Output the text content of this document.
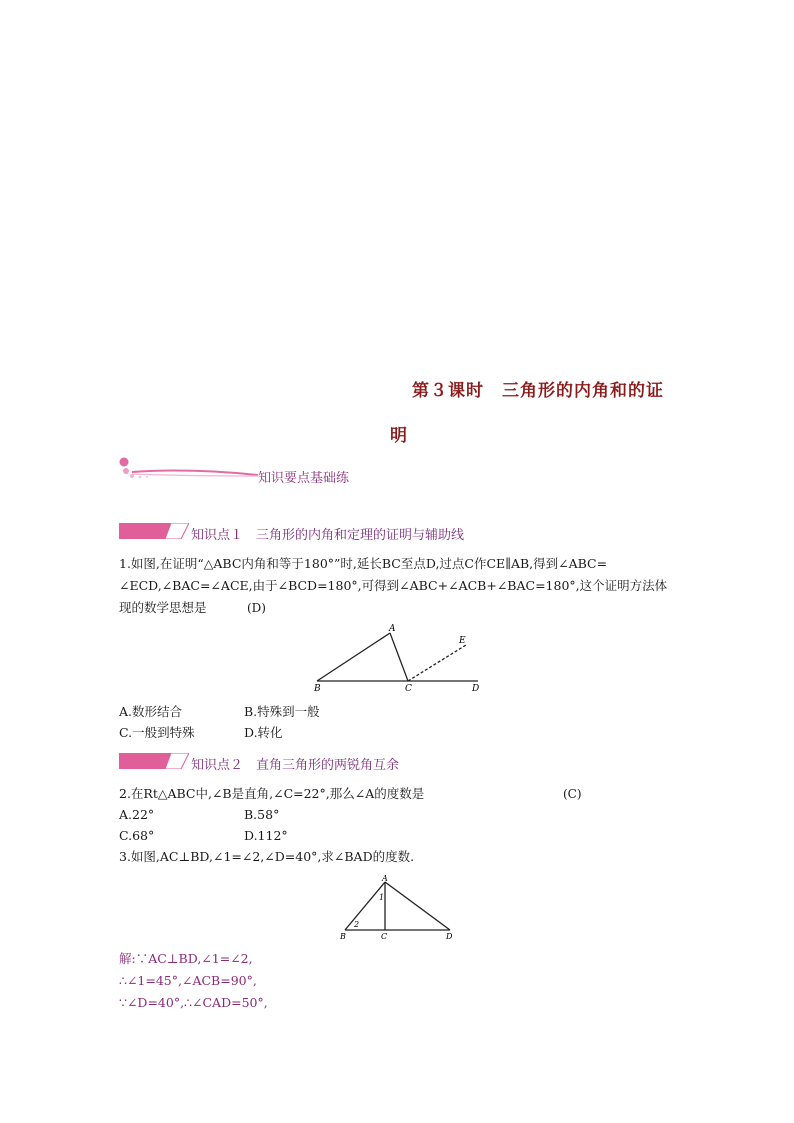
第３课时　三角形的内角和的证
明
知识要点基础练
知识点１　三角形的内角和定理的证明与辅助线
1.如图,在证明“△ABC内角和等于180°”时,延长BC至点D,过点C作CE∥AB,得到∠ABC=
∠ECD,∠BAC=∠ACE,由于∠BCD=180°,可得到∠ABC+∠ACB+∠BAC=180°,这个证明方法体
现的数学思想是	(D)
A
B	C	D
E
A.数形结合	B.特殊到一般
C.一般到特殊	D.转化
知识点２　直角三角形的两锐角互余
2.在Rt△ABC中,∠B是直角,∠C=22°,那么∠A的度数是	(C)
A.22°	B.58°
C.68°	D.112°
3.如图,AC⊥BD,∠1=∠2,∠D=40°,求∠BAD的度数.
A
B	C	D
1
2
解:∵AC⊥BD,∠1=∠2,
∴∠1=45°,∠ACB=90°,
∵∠D=40°,∴∠CAD=50°,
